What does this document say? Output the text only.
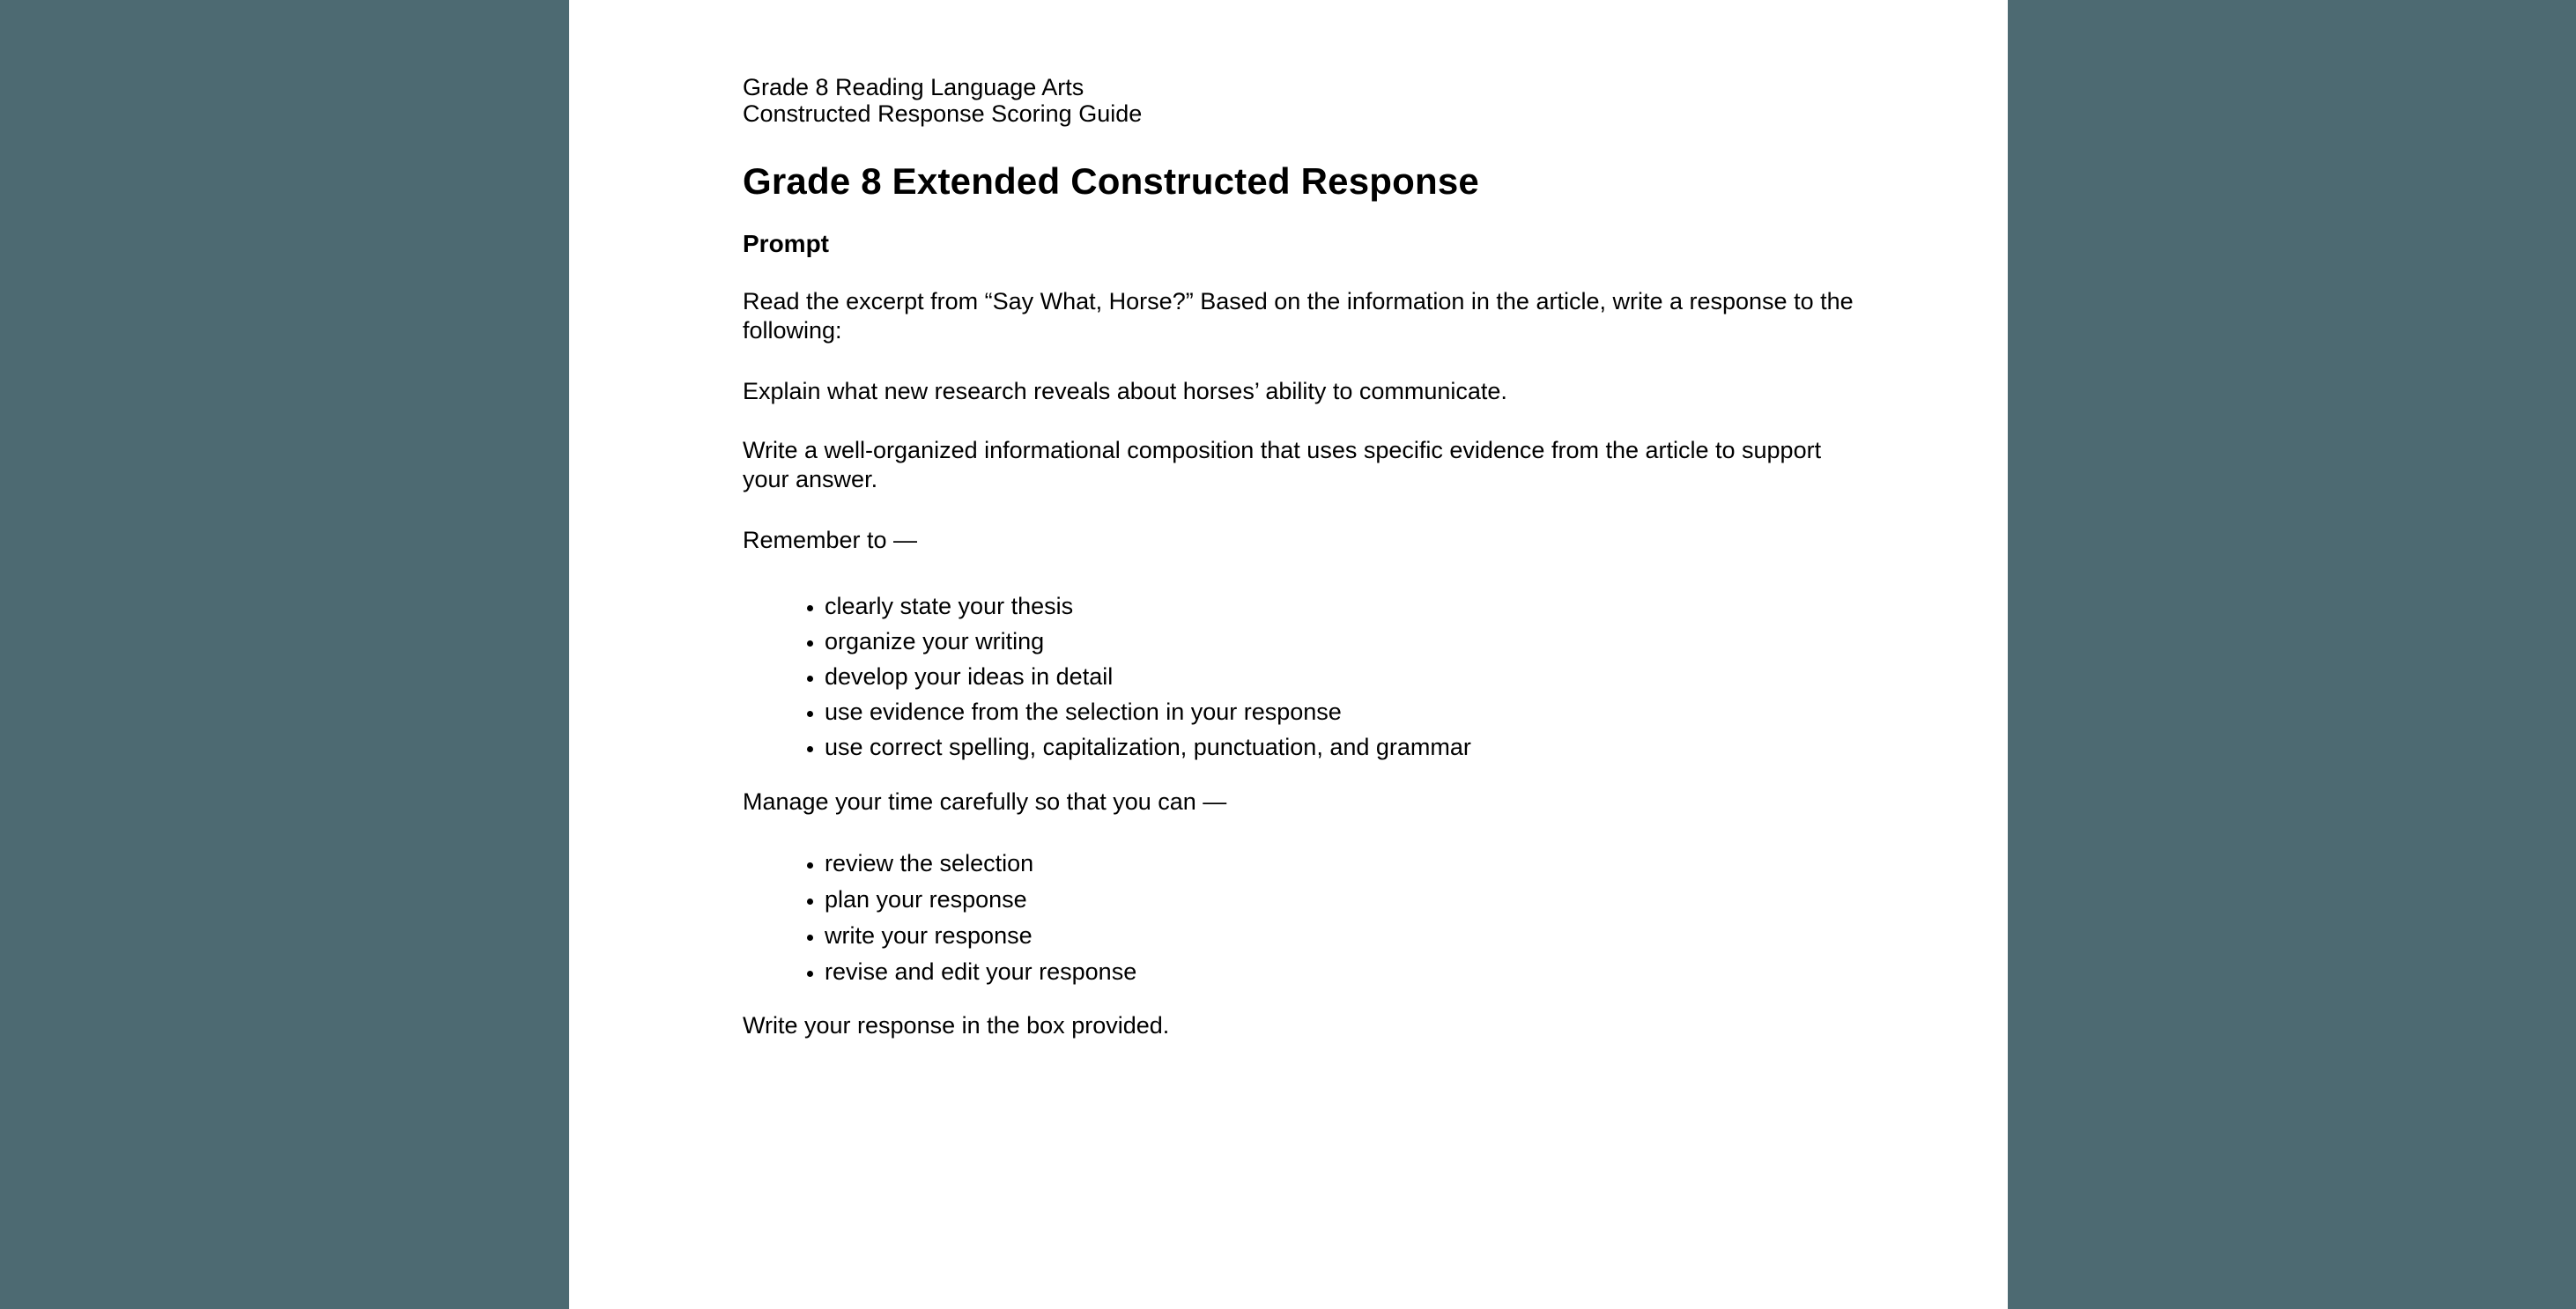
Grade 8 Reading Language Arts
Constructed Response Scoring Guide
Grade 8 Extended Constructed Response
Prompt
Read the excerpt from “Say What, Horse?” Based on the information in the article, write a response to the following:
Explain what new research reveals about horses’ ability to communicate.
Write a well-organized informational composition that uses specific evidence from the article to support your answer.
Remember to —
• clearly state your thesis
• organize your writing
• develop your ideas in detail
• use evidence from the selection in your response
• use correct spelling, capitalization, punctuation, and grammar
Manage your time carefully so that you can —
• review the selection
• plan your response
• write your response
• revise and edit your response
Write your response in the box provided.
